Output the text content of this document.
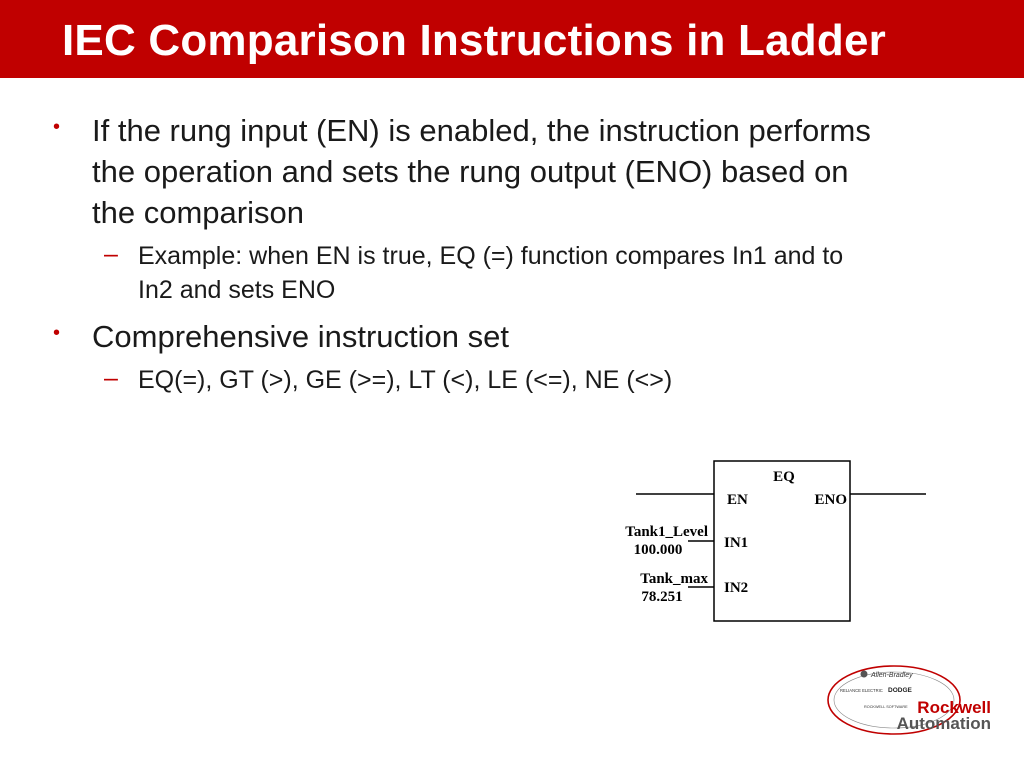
IEC Comparison Instructions in Ladder
• If the rung input (EN) is enabled, the instruction performs
the operation and sets the rung output (ENO) based on
the comparison
– Example: when EN is true, EQ (=) function compares In1 and to
In2 and sets ENO
• Comprehensive instruction set
– EQ(=), GT (>), GE (>=), LT (<), LE (<=), NE (<>)
EQ
EN	ENO
IN1
Tank1_Level
100.000
IN2
Tank_max
78.251
Allen-Bradley
RELIANCE ELECTRIC DODGE
ROCKWELL SOFTWARE Rockwell
Automation
